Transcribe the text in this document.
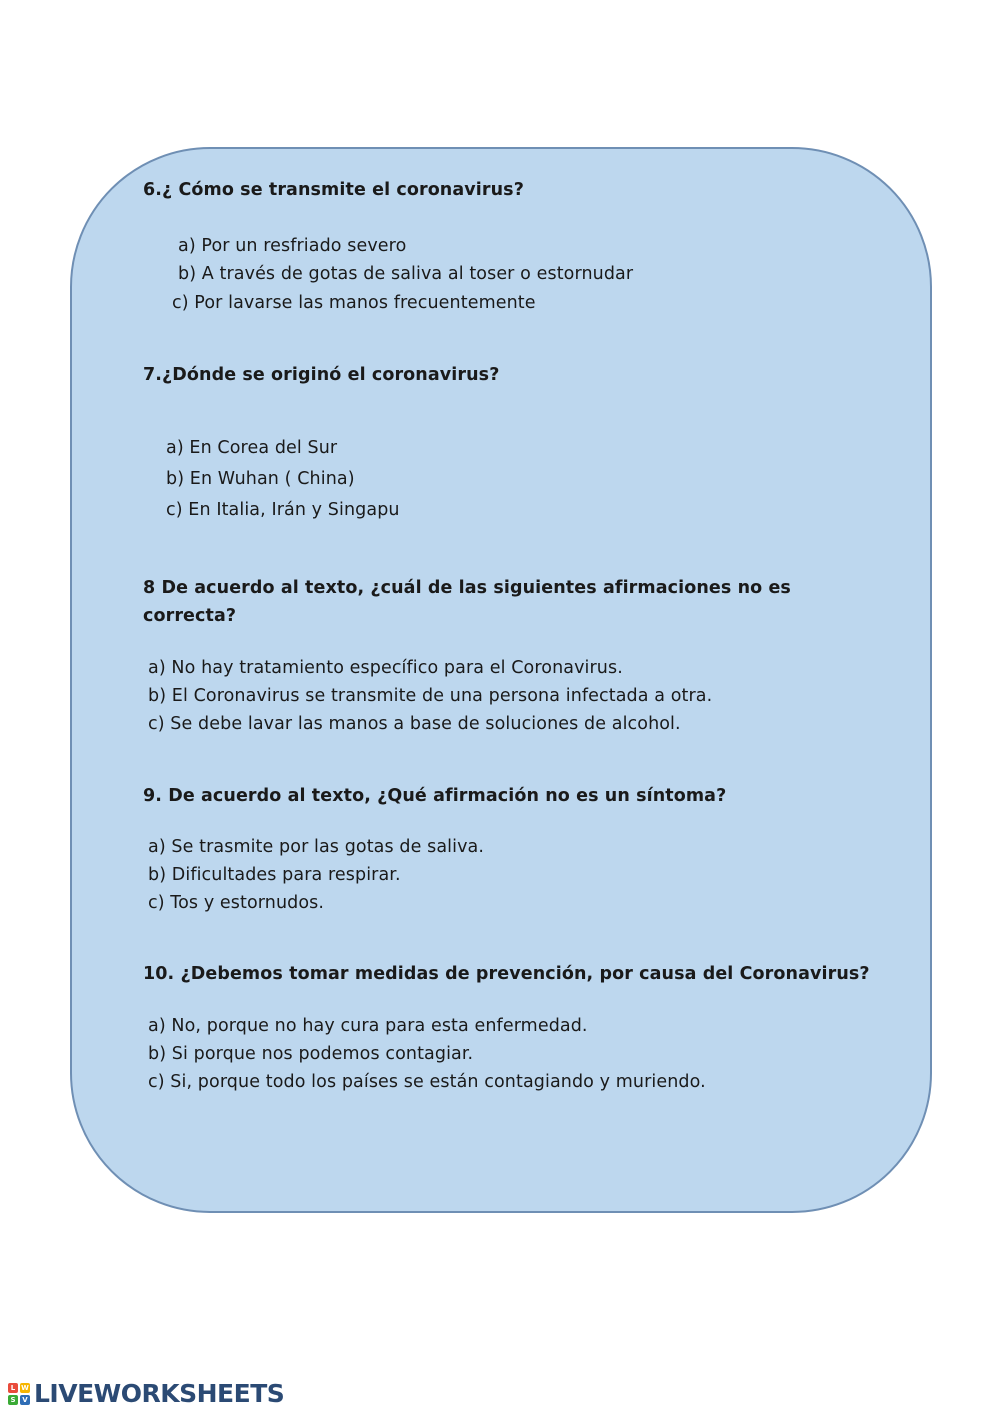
6.¿ Cómo se transmite el coronavirus?

a) Por un resfriado severo

b) A través de gotas de saliva al toser o estornudar

c) Por lavarse las manos frecuentemente

7.¿Dónde se originó el coronavirus?

a) En Corea del Sur

b) En Wuhan ( China)

c) En Italia, Irán y Singapu

8 De acuerdo al texto, ¿cuál de las siguientes afirmaciones no es correcta?

a) No hay tratamiento específico para el Coronavirus.

b) El Coronavirus se transmite de una persona infectada a otra.

c) Se debe lavar las manos a base de soluciones de alcohol.

9. De acuerdo al texto, ¿Qué afirmación no es un síntoma?

a) Se trasmite por las gotas de saliva.

b) Dificultades para respirar.

c) Tos y estornudos.

10. ¿Debemos tomar medidas de prevención, por causa del Coronavirus?

a) No, porque no hay cura para esta enfermedad.

b) Si porque nos podemos contagiar.

c) Si, porque todo los países se están contagiando y muriendo.

L W
S V LIVEWORKSHEETS
